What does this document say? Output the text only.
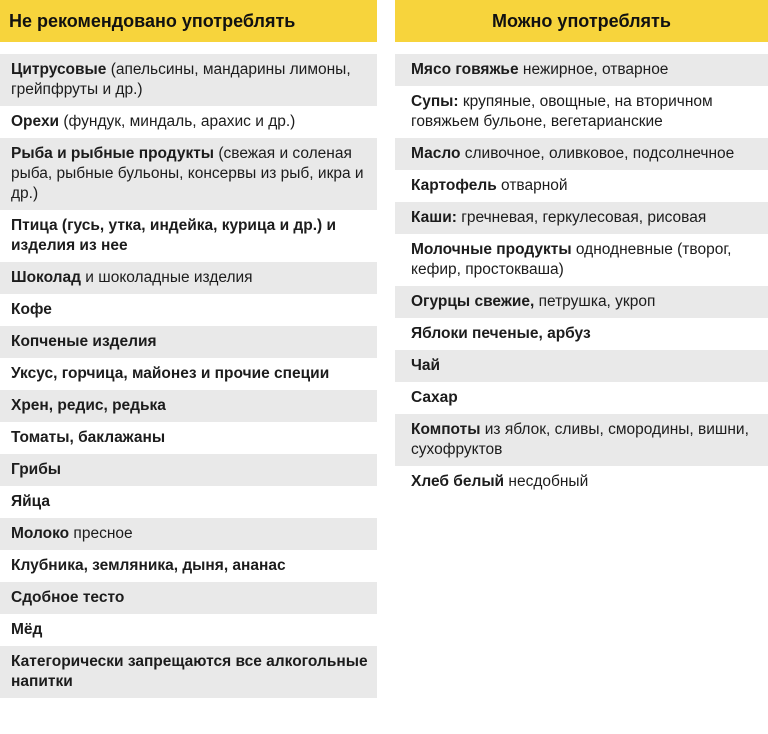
Не рекомендовано употреблять
Цитрусовые (апельсины, мандарины лимоны, грейпфруты и др.)
Орехи (фундук, миндаль, арахис и др.)
Рыба и рыбные продукты (свежая и соленая рыба, рыбные бульоны, консервы из рыб, икра и др.)
Птица (гусь, утка, индейка, курица и др.) и изделия из нее
Шоколад и шоколадные изделия
Кофе
Копченые изделия
Уксус, горчица, майонез и прочие специи
Хрен, редис, редька
Томаты, баклажаны
Грибы
Яйца
Молоко пресное
Клубника, земляника, дыня, ананас
Сдобное тесто
Мёд
Категорически запрещаются все алкогольные напитки
Можно употреблять
Мясо говяжье нежирное, отварное
Супы: крупяные, овощные, на вторичном говяжьем бульоне, вегетарианские
Масло сливочное, оливковое, подсолнечное
Картофель отварной
Каши: гречневая, геркулесовая, рисовая
Молочные продукты однодневные (творог, кефир, простокваша)
Огурцы свежие, петрушка, укроп
Яблоки печеные, арбуз
Чай
Сахар
Компоты из яблок, сливы, смородины, вишни, сухофруктов
Хлеб белый несдобный
